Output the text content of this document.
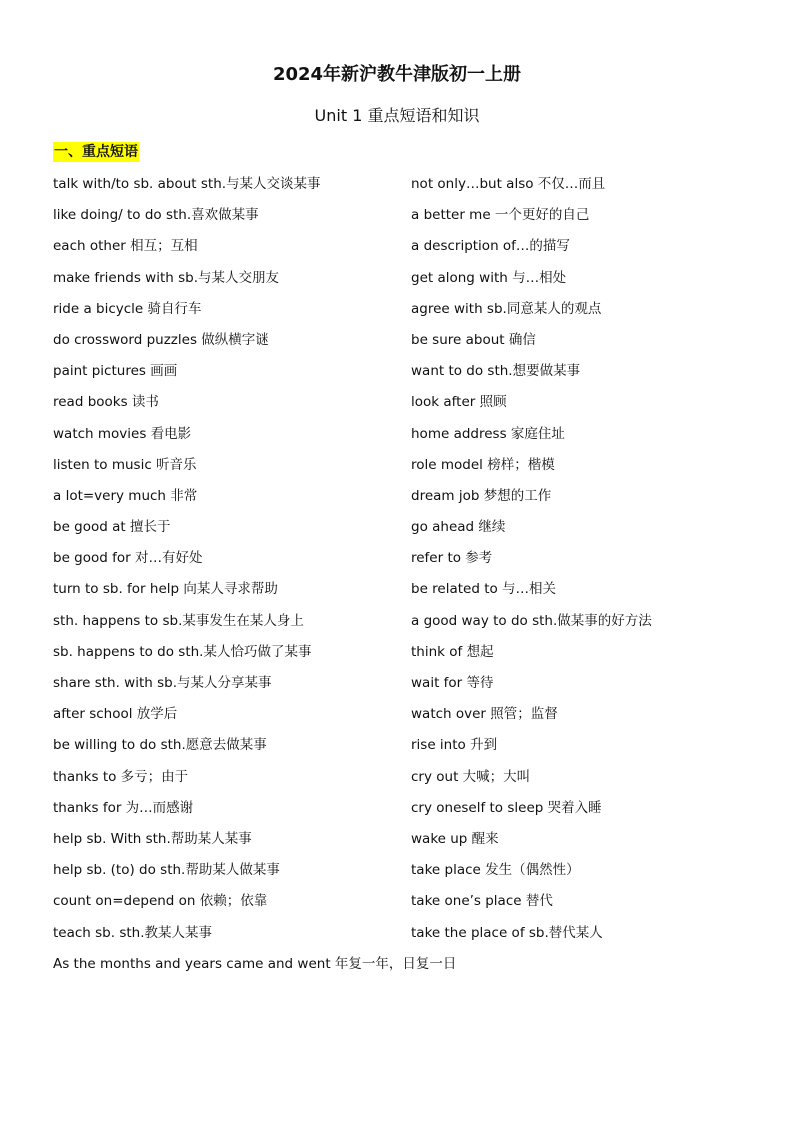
2024年新沪教牛津版初一上册
Unit 1 重点短语和知识
一、重点短语
talk with/to sb. about sth.与某人交谈某事	not only…but also 不仅…而且
like doing/ to do sth.喜欢做某事	a better me 一个更好的自己
each other 相互；互相	a description of…的描写
make friends with sb.与某人交朋友	get along with 与…相处
ride a bicycle 骑自行车	agree with sb.同意某人的观点
do crossword puzzles 做纵横字谜	be sure about 确信
paint pictures 画画	want to do sth.想要做某事
read books 读书	look after 照顾
watch movies 看电影	home address 家庭住址
listen to music 听音乐	role model 榜样；楷模
a lot=very much 非常	dream job 梦想的工作
be good at 擅长于	go ahead 继续
be good for 对…有好处	refer to 参考
turn to sb. for help 向某人寻求帮助	be related to 与…相关
sth. happens to sb.某事发生在某人身上	a good way to do sth.做某事的好方法
sb. happens to do sth.某人恰巧做了某事	think of 想起
share sth. with sb.与某人分享某事	wait for 等待
after school 放学后	watch over 照管；监督
be willing to do sth.愿意去做某事	rise into 升到
thanks to 多亏；由于	cry out 大喊；大叫
thanks for 为…而感谢	cry oneself to sleep 哭着入睡
help sb. With sth.帮助某人某事	wake up 醒来
help sb. (to) do sth.帮助某人做某事	take place 发生（偶然性）
count on=depend on 依赖；依靠	take one’s place 替代
teach sb. sth.教某人某事	take the place of sb.替代某人
As the months and years came and went 年复一年，日复一日
